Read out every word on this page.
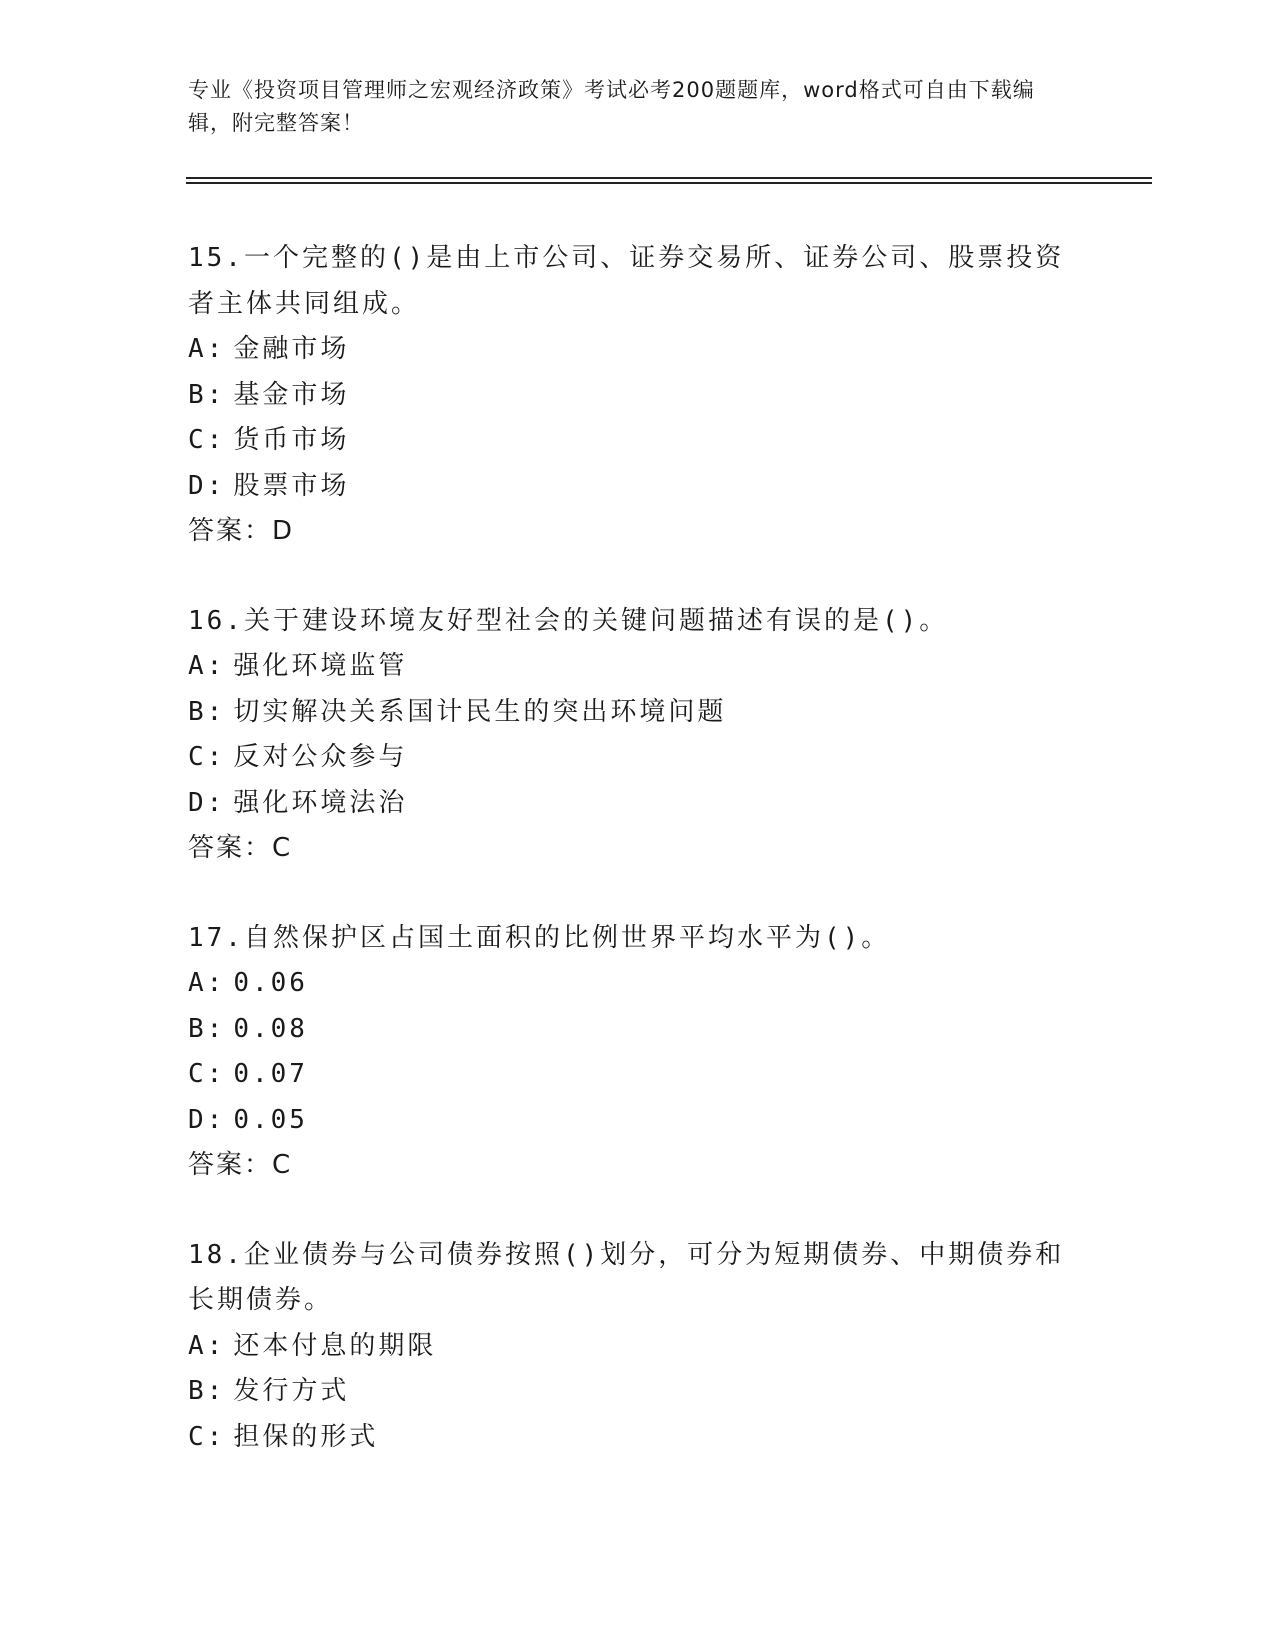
专业《投资项目管理师之宏观经济政策》考试必考200题题库，word格式可自由下载编辑，附完整答案！

15.一个完整的()是由上市公司、证券交易所、证券公司、股票投资者主体共同组成。

A: 金融市场

B: 基金市场

C: 货币市场

D: 股票市场

答案：D

16.关于建设环境友好型社会的关键问题描述有误的是()。

A: 强化环境监管

B: 切实解决关系国计民生的突出环境问题

C: 反对公众参与

D: 强化环境法治

答案：C

17.自然保护区占国土面积的比例世界平均水平为()。

A: 0.06

B: 0.08

C: 0.07

D: 0.05

答案：C

18.企业债券与公司债券按照()划分，可分为短期债券、中期债券和长期债券。

A: 还本付息的期限

B: 发行方式

C: 担保的形式
